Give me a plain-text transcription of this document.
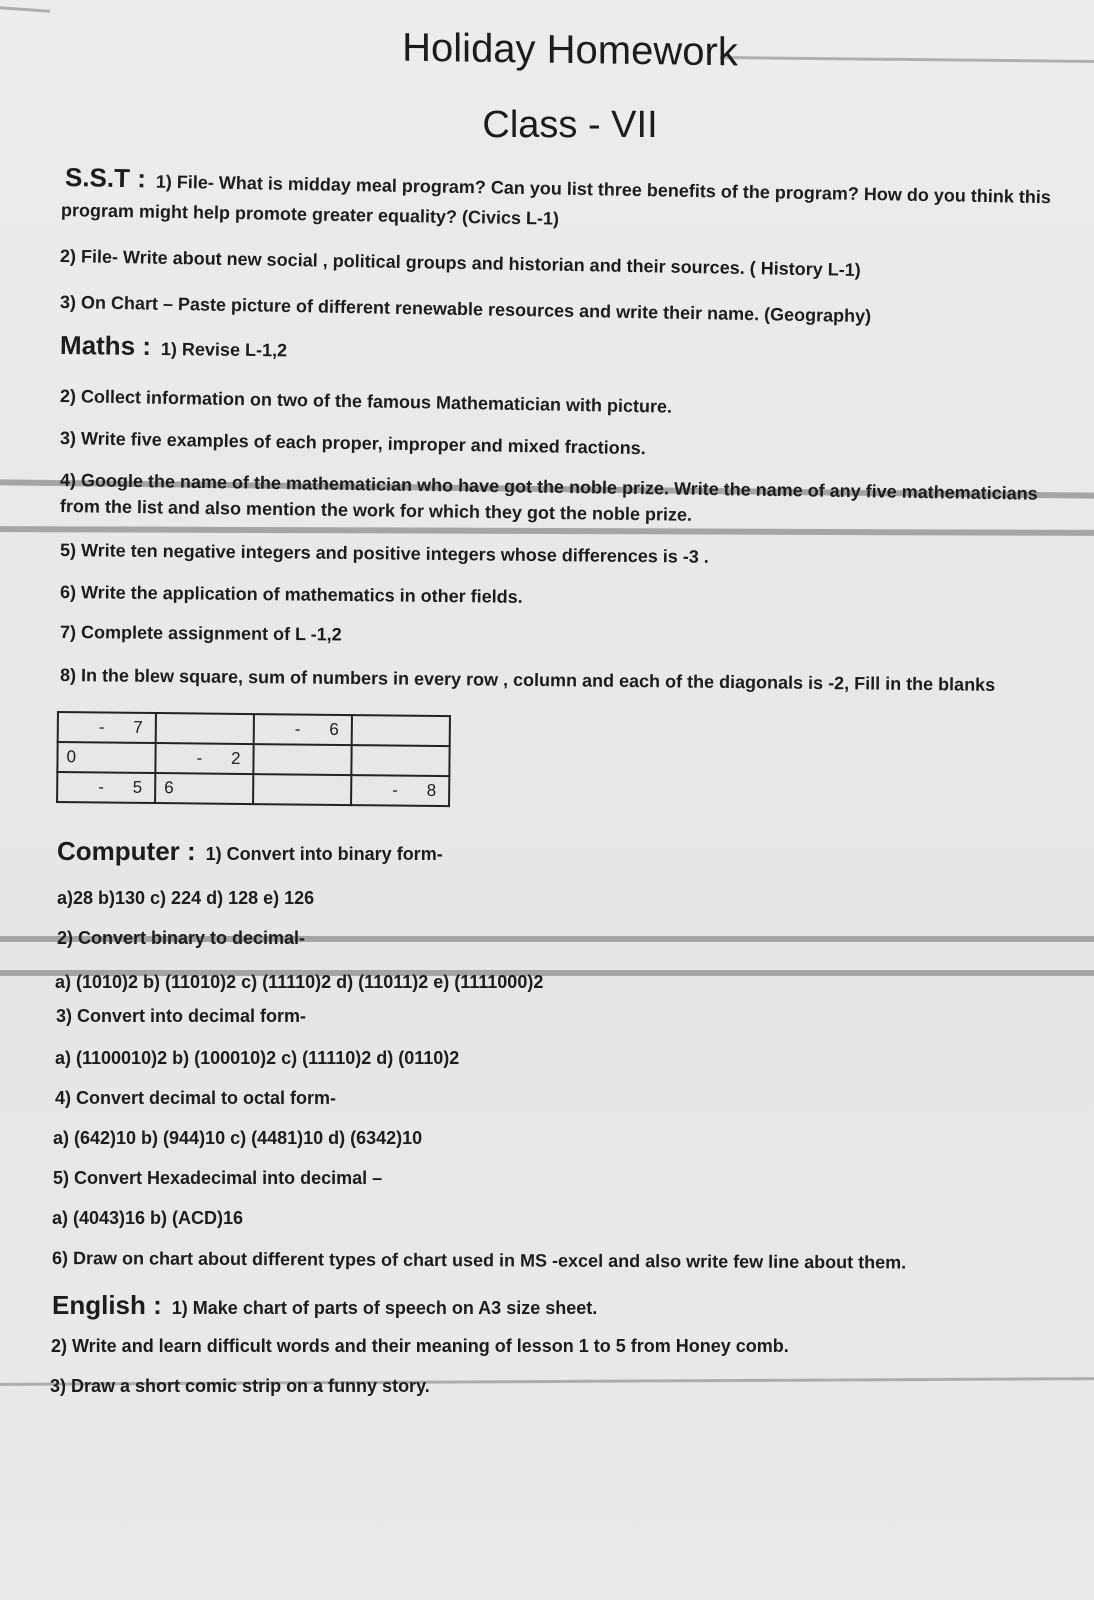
Holiday Homework
Class - VII
S.S.T : 1) File- What is midday meal program? Can you list three benefits of the program? How do you think this
program might help promote greater equality? (Civics L-1)
2) File- Write about new social , political groups and historian and their sources. ( History L-1)
3) On Chart – Paste picture of different renewable resources and write their name. (Geography)
Maths : 1) Revise L-1,2
2) Collect information on two of the famous Mathematician with picture.
3) Write five examples of each proper, improper and mixed fractions.
4) Google the name of the mathematician who have got the noble prize. Write the name of any five mathematicians
from the list and also mention the work for which they got the noble prize.
5) Write ten negative integers and positive integers whose differences is -3 .
6) Write the application of mathematics in other fields.
7) Complete assignment of L -1,2
8) In the blew square, sum of numbers in every row , column and each of the diagonals is -2, Fill in the blanks
- 7		- 6	

0	- 2		

- 5	6		- 8
Computer : 1) Convert into binary form-
a)28 b)130 c) 224 d) 128 e) 126
2) Convert binary to decimal-
a) (1010)2 b) (11010)2 c) (11110)2 d) (11011)2 e) (1111000)2
3) Convert into decimal form-
a) (1100010)2 b) (100010)2 c) (11110)2 d) (0110)2
4) Convert decimal to octal form-
a) (642)10 b) (944)10 c) (4481)10 d) (6342)10
5) Convert Hexadecimal into decimal –
a) (4043)16 b) (ACD)16
6) Draw on chart about different types of chart used in MS -excel and also write few line about them.
English : 1) Make chart of parts of speech on A3 size sheet.
2) Write and learn difficult words and their meaning of lesson 1 to 5 from Honey comb.
3) Draw a short comic strip on a funny story.
